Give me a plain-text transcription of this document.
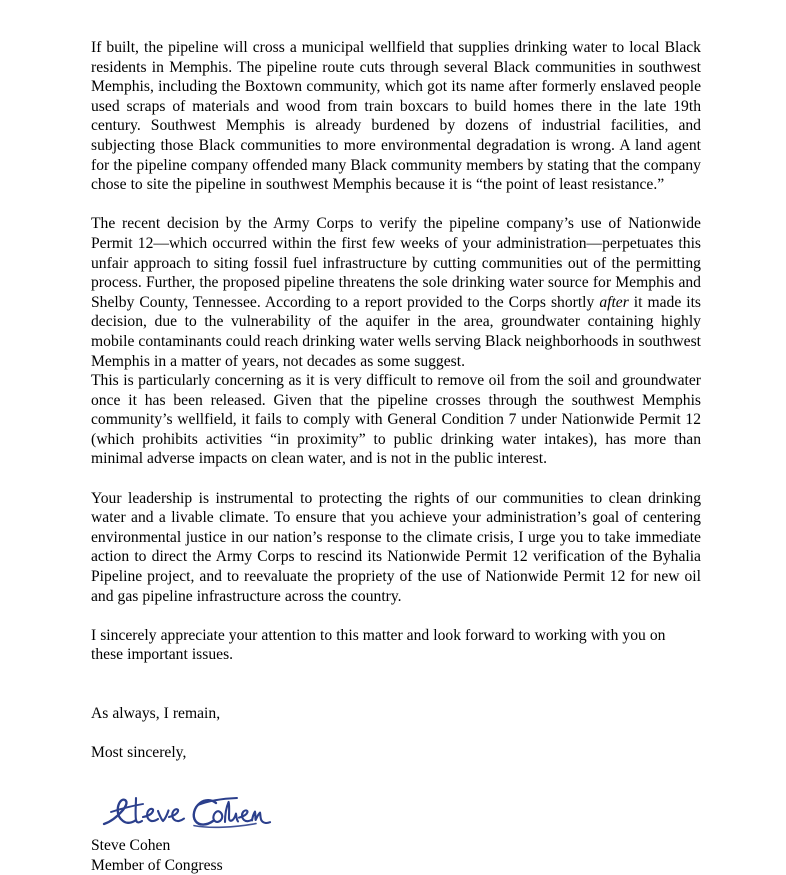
If built, the pipeline will cross a municipal wellfield that supplies drinking water to local Black residents in Memphis. The pipeline route cuts through several Black communities in southwest Memphis, including the Boxtown community, which got its name after formerly enslaved people used scraps of materials and wood from train boxcars to build homes there in the late 19th century. Southwest Memphis is already burdened by dozens of industrial facilities, and subjecting those Black communities to more environmental degradation is wrong. A land agent for the pipeline company offended many Black community members by stating that the company chose to site the pipeline in southwest Memphis because it is “the point of least resistance.”

The recent decision by the Army Corps to verify the pipeline company’s use of Nationwide Permit 12—which occurred within the first few weeks of your administration—perpetuates this unfair approach to siting fossil fuel infrastructure by cutting communities out of the permitting process. Further, the proposed pipeline threatens the sole drinking water source for Memphis and Shelby County, Tennessee. According to a report provided to the Corps shortly after it made its decision, due to the vulnerability of the aquifer in the area, groundwater containing highly mobile contaminants could reach drinking water wells serving Black neighborhoods in southwest Memphis in a matter of years, not decades as some suggest.

This is particularly concerning as it is very difficult to remove oil from the soil and groundwater once it has been released. Given that the pipeline crosses through the southwest Memphis community’s wellfield, it fails to comply with General Condition 7 under Nationwide Permit 12 (which prohibits activities “in proximity” to public drinking water intakes), has more than minimal adverse impacts on clean water, and is not in the public interest.

Your leadership is instrumental to protecting the rights of our communities to clean drinking water and a livable climate. To ensure that you achieve your administration’s goal of centering environmental justice in our nation’s response to the climate crisis, I urge you to take immediate action to direct the Army Corps to rescind its Nationwide Permit 12 verification of the Byhalia Pipeline project, and to reevaluate the propriety of the use of Nationwide Permit 12 for new oil and gas pipeline infrastructure across the country.

I sincerely appreciate your attention to this matter and look forward to working with you on these important issues.

As always, I remain,

Most sincerely,

Steve Cohen

Member of Congress
